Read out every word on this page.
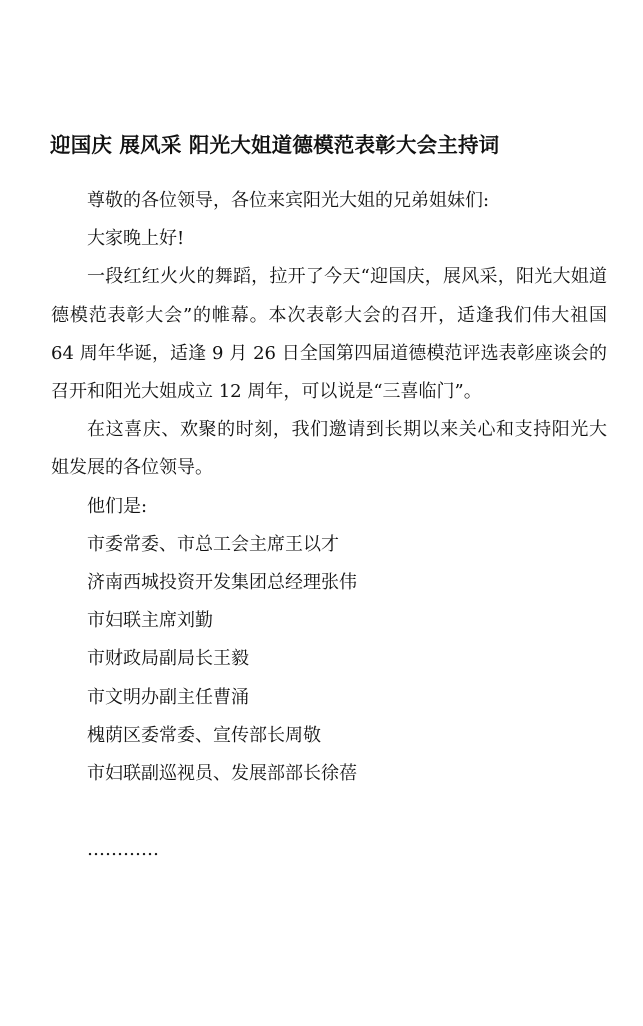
迎国庆 展风采 阳光大姐道德模范表彰大会主持词

尊敬的各位领导，各位来宾阳光大姐的兄弟姐妹们:

大家晚上好!

一段红红火火的舞蹈，拉开了今天“迎国庆，展风采，阳光大姐道德模范表彰大会”的帷幕。本次表彰大会的召开，适逢我们伟大祖国 64 周年华诞，适逢 9 月 26 日全国第四届道德模范评选表彰座谈会的召开和阳光大姐成立 12 周年，可以说是“三喜临门”。

在这喜庆、欢聚的时刻，我们邀请到长期以来关心和支持阳光大姐发展的各位领导。

他们是:

市委常委、市总工会主席王以才

济南西城投资开发集团总经理张伟

市妇联主席刘勤

市财政局副局长王毅

市文明办副主任曹涌

槐荫区委常委、宣传部长周敬

市妇联副巡视员、发展部部长徐蓓

…………
